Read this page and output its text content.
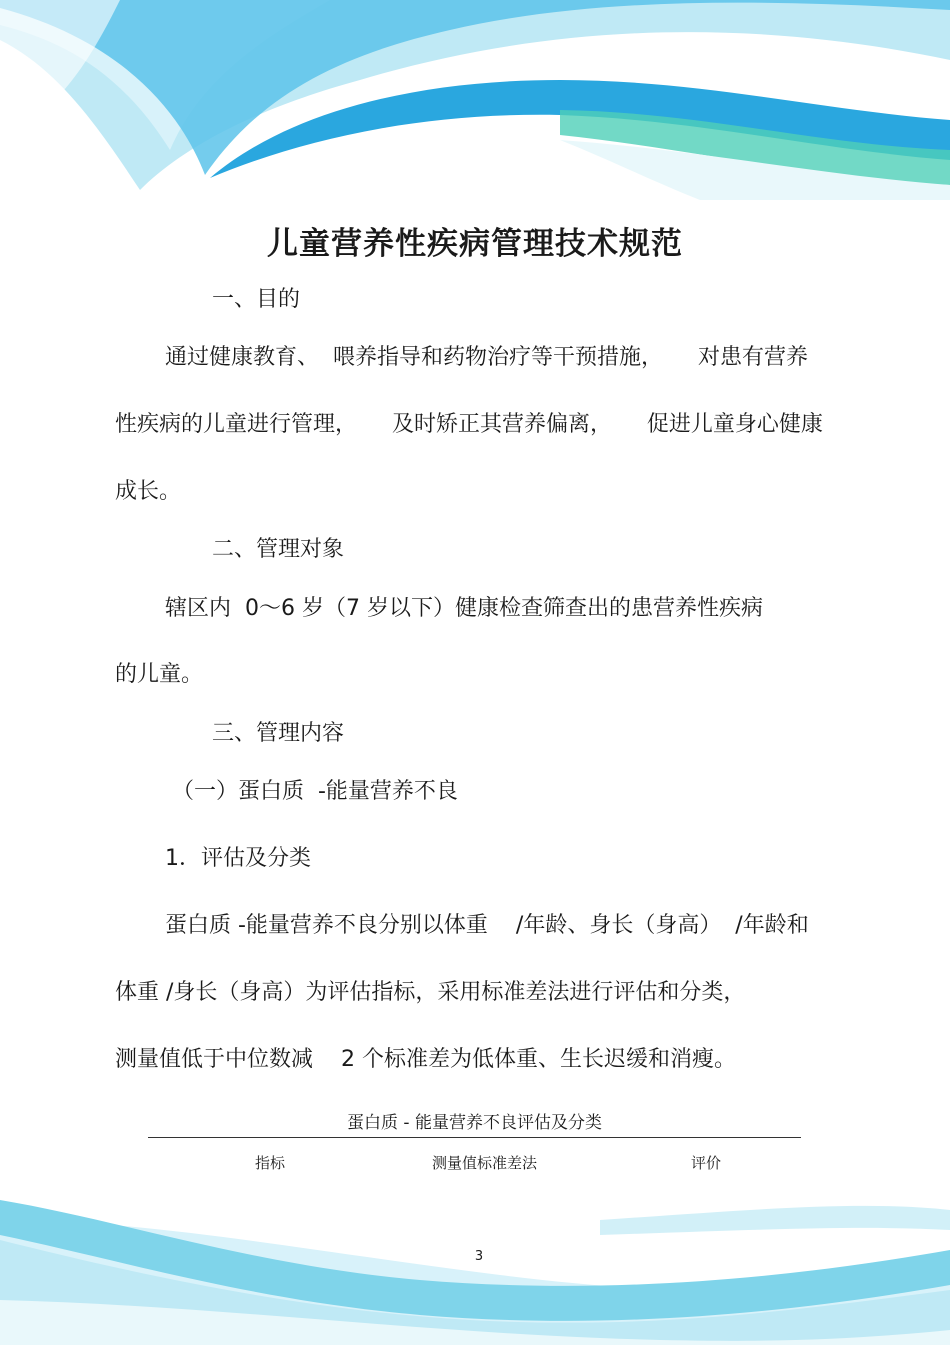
儿童营养性疾病管理技术规范
一、目的
通过健康教育、  喂养指导和药物治疗等干预措施，     对患有营养
性疾病的儿童进行管理，     及时矫正其营养偏离，     促进儿童身心健康
成长。
二、管理对象
辖区内  0～6 岁（7 岁以下）健康检查筛查出的患营养性疾病
的儿童。
三、管理内容
（一）蛋白质  -能量营养不良
1．评估及分类
蛋白质 -能量营养不良分别以体重    /年龄、身长（身高）  /年龄和
体重 /身长（身高）为评估指标，采用标准差法进行评估和分类，
测量值低于中位数减    2 个标准差为低体重、生长迟缓和消瘦。
蛋白质 - 能量营养不良评估及分类
指标	测量值标准差法	评价
3
